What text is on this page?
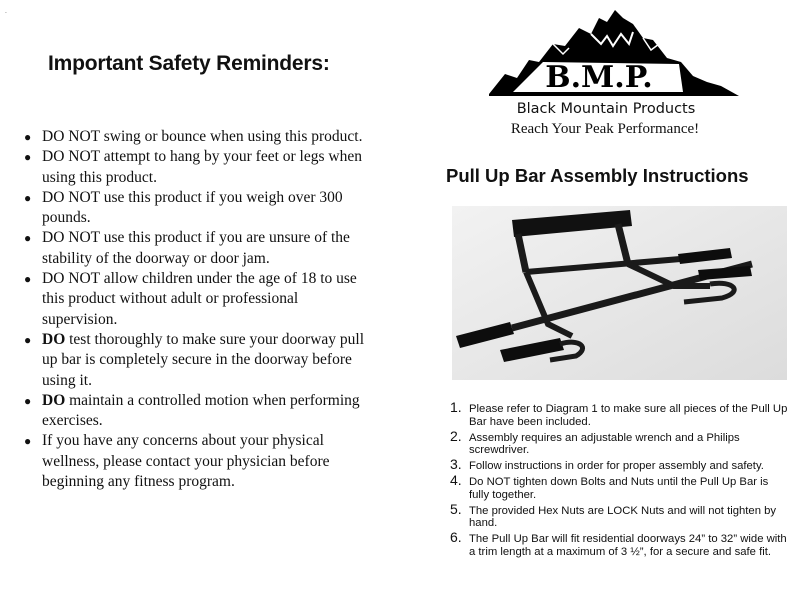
.
Important Safety Reminders:
● DO NOT swing or bounce when using this product.
● DO NOT attempt to hang by your feet or legs when using this product.
● DO NOT use this product if you weigh over 300 pounds.
● DO NOT use this product if you are unsure of the stability of the doorway or door jam.
● DO NOT allow children under the age of 18 to use this product without adult or professional supervision.
● DO test thoroughly to make sure your doorway pull up bar is completely secure in the doorway before using it.
● DO maintain a controlled motion when performing exercises.
● If you have any concerns about your physical wellness, please contact your physician before beginning any fitness program.
B.M.P.
Black Mountain Products
Reach Your Peak Performance!
Pull Up Bar Assembly Instructions
1. Please refer to Diagram 1 to make sure all pieces of the Pull Up Bar have been included.
2. Assembly requires an adjustable wrench and a Philips screwdriver.
3. Follow instructions in order for proper assembly and safety.
4. Do NOT tighten down Bolts and Nuts until the Pull Up Bar is fully together.
5. The provided Hex Nuts are LOCK Nuts and will not tighten by hand.
6. The Pull Up Bar will fit residential doorways 24” to 32” wide with a trim length at a maximum of 3 ½”, for a secure and safe fit.
